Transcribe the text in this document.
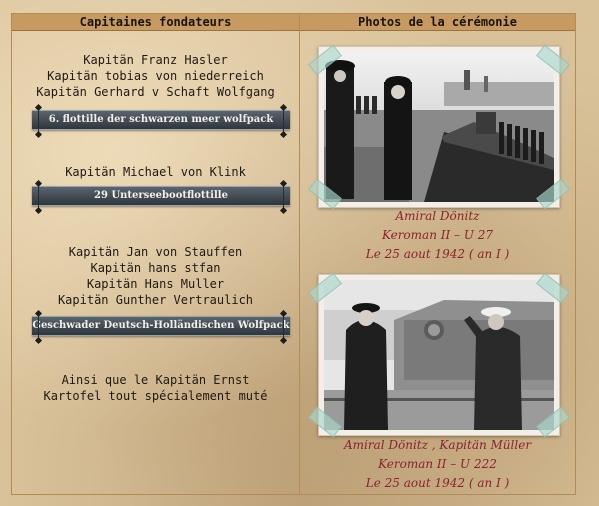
Capitaines fondateurs	Photos de la cérémonie
Kapitän Franz Hasler
Kapitän tobias von niederreich
Kapitän Gerhard v Schaft Wolfgang
6. flottille der schwarzen meer wolfpack
Kapitän Michael von Klink
29 Unterseebootflottille
Kapitän Jan von Stauffen
Kapitän hans stfan
Kapitän Hans Muller
Kapitän Gunther Vertraulich
Geschwader Deutsch-Holländischen Wolfpack
Ainsi que le Kapitän Ernst
Kartofel tout spécialement muté
Amiral Dönitz
Keroman II – U 27
Le 25 aout 1942 ( an I )
Amiral Dönitz , Kapitän Müller
Keroman II – U 222
Le 25 aout 1942 ( an I )
